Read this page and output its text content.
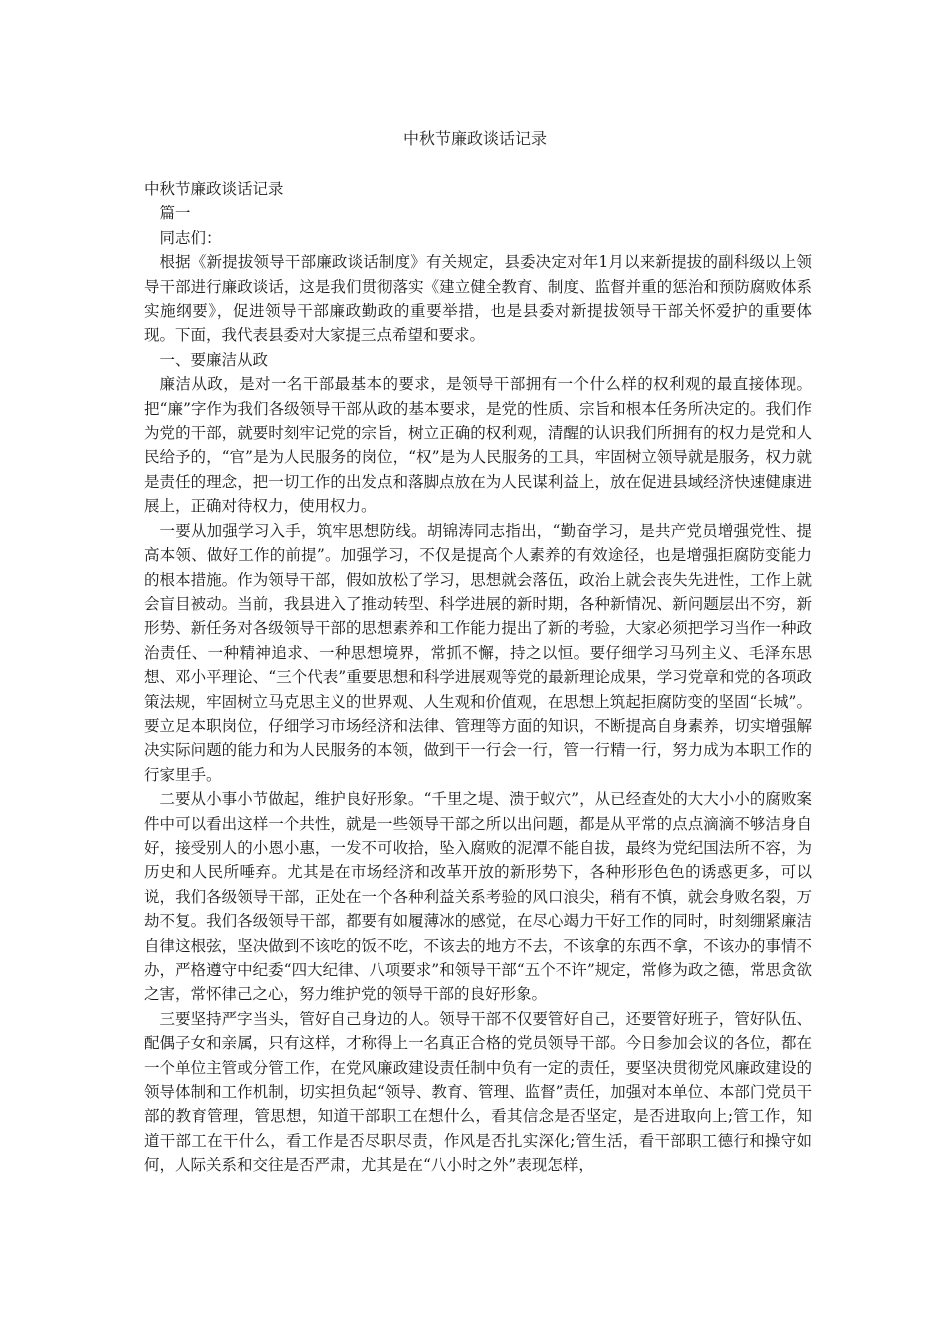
中秋节廉政谈话记录

中秋节廉政谈话记录

篇一

同志们：

根据《新提拔领导干部廉政谈话制度》有关规定，县委决定对年1月以来新提拔的副科级以上领导干部进行廉政谈话，这是我们贯彻落实《建立健全教育、制度、监督并重的惩治和预防腐败体系实施纲要》，促进领导干部廉政勤政的重要举措，也是县委对新提拔领导干部关怀爱护的重要体现。下面，我代表县委对大家提三点希望和要求。

一、要廉洁从政

廉洁从政，是对一名干部最基本的要求，是领导干部拥有一个什么样的权利观的最直接体现。把“廉”字作为我们各级领导干部从政的基本要求，是党的性质、宗旨和根本任务所决定的。我们作为党的干部，就要时刻牢记党的宗旨，树立正确的权利观，清醒的认识我们所拥有的权力是党和人民给予的，“官”是为人民服务的岗位，“权”是为人民服务的工具，牢固树立领导就是服务，权力就是责任的理念，把一切工作的出发点和落脚点放在为人民谋利益上，放在促进县域经济快速健康进展上，正确对待权力，使用权力。

一要从加强学习入手，筑牢思想防线。胡锦涛同志指出，“勤奋学习，是共产党员增强党性、提高本领、做好工作的前提”。加强学习，不仅是提高个人素养的有效途径，也是增强拒腐防变能力的根本措施。作为领导干部，假如放松了学习，思想就会落伍，政治上就会丧失先进性，工作上就会盲目被动。当前，我县进入了推动转型、科学进展的新时期，各种新情况、新问题层出不穷，新形势、新任务对各级领导干部的思想素养和工作能力提出了新的考验，大家必须把学习当作一种政治责任、一种精神追求、一种思想境界，常抓不懈，持之以恒。要仔细学习马列主义、毛泽东思想、邓小平理论、“三个代表”重要思想和科学进展观等党的最新理论成果，学习党章和党的各项政策法规，牢固树立马克思主义的世界观、人生观和价值观，在思想上筑起拒腐防变的坚固“长城”。要立足本职岗位，仔细学习市场经济和法律、管理等方面的知识，不断提高自身素养，切实增强解决实际问题的能力和为人民服务的本领，做到干一行会一行，管一行精一行，努力成为本职工作的行家里手。

二要从小事小节做起，维护良好形象。“千里之堤、溃于蚁穴”，从已经查处的大大小小的腐败案件中可以看出这样一个共性，就是一些领导干部之所以出问题，都是从平常的点点滴滴不够洁身自好，接受别人的小恩小惠，一发不可收拾，坠入腐败的泥潭不能自拔，最终为党纪国法所不容，为历史和人民所唾弃。尤其是在市场经济和改革开放的新形势下，各种形形色色的诱惑更多，可以说，我们各级领导干部，正处在一个各种利益关系考验的风口浪尖，稍有不慎，就会身败名裂，万劫不复。我们各级领导干部，都要有如履薄冰的感觉，在尽心竭力干好工作的同时，时刻绷紧廉洁自律这根弦，坚决做到不该吃的饭不吃，不该去的地方不去，不该拿的东西不拿，不该办的事情不办，严格遵守中纪委“四大纪律、八项要求”和领导干部“五个不许”规定，常修为政之德，常思贪欲之害，常怀律己之心，努力维护党的领导干部的良好形象。

三要坚持严字当头，管好自己身边的人。领导干部不仅要管好自己，还要管好班子，管好队伍、配偶子女和亲属，只有这样，才称得上一名真正合格的党员领导干部。今日参加会议的各位，都在一个单位主管或分管工作，在党风廉政建设责任制中负有一定的责任，要坚决贯彻党风廉政建设的领导体制和工作机制，切实担负起“领导、教育、管理、监督”责任，加强对本单位、本部门党员干部的教育管理，管思想，知道干部职工在想什么，看其信念是否坚定，是否进取向上;管工作，知道干部工在干什么，看工作是否尽职尽责，作风是否扎实深化;管生活，看干部职工德行和操守如何，人际关系和交往是否严肃，尤其是在“八小时之外”表现怎样，
